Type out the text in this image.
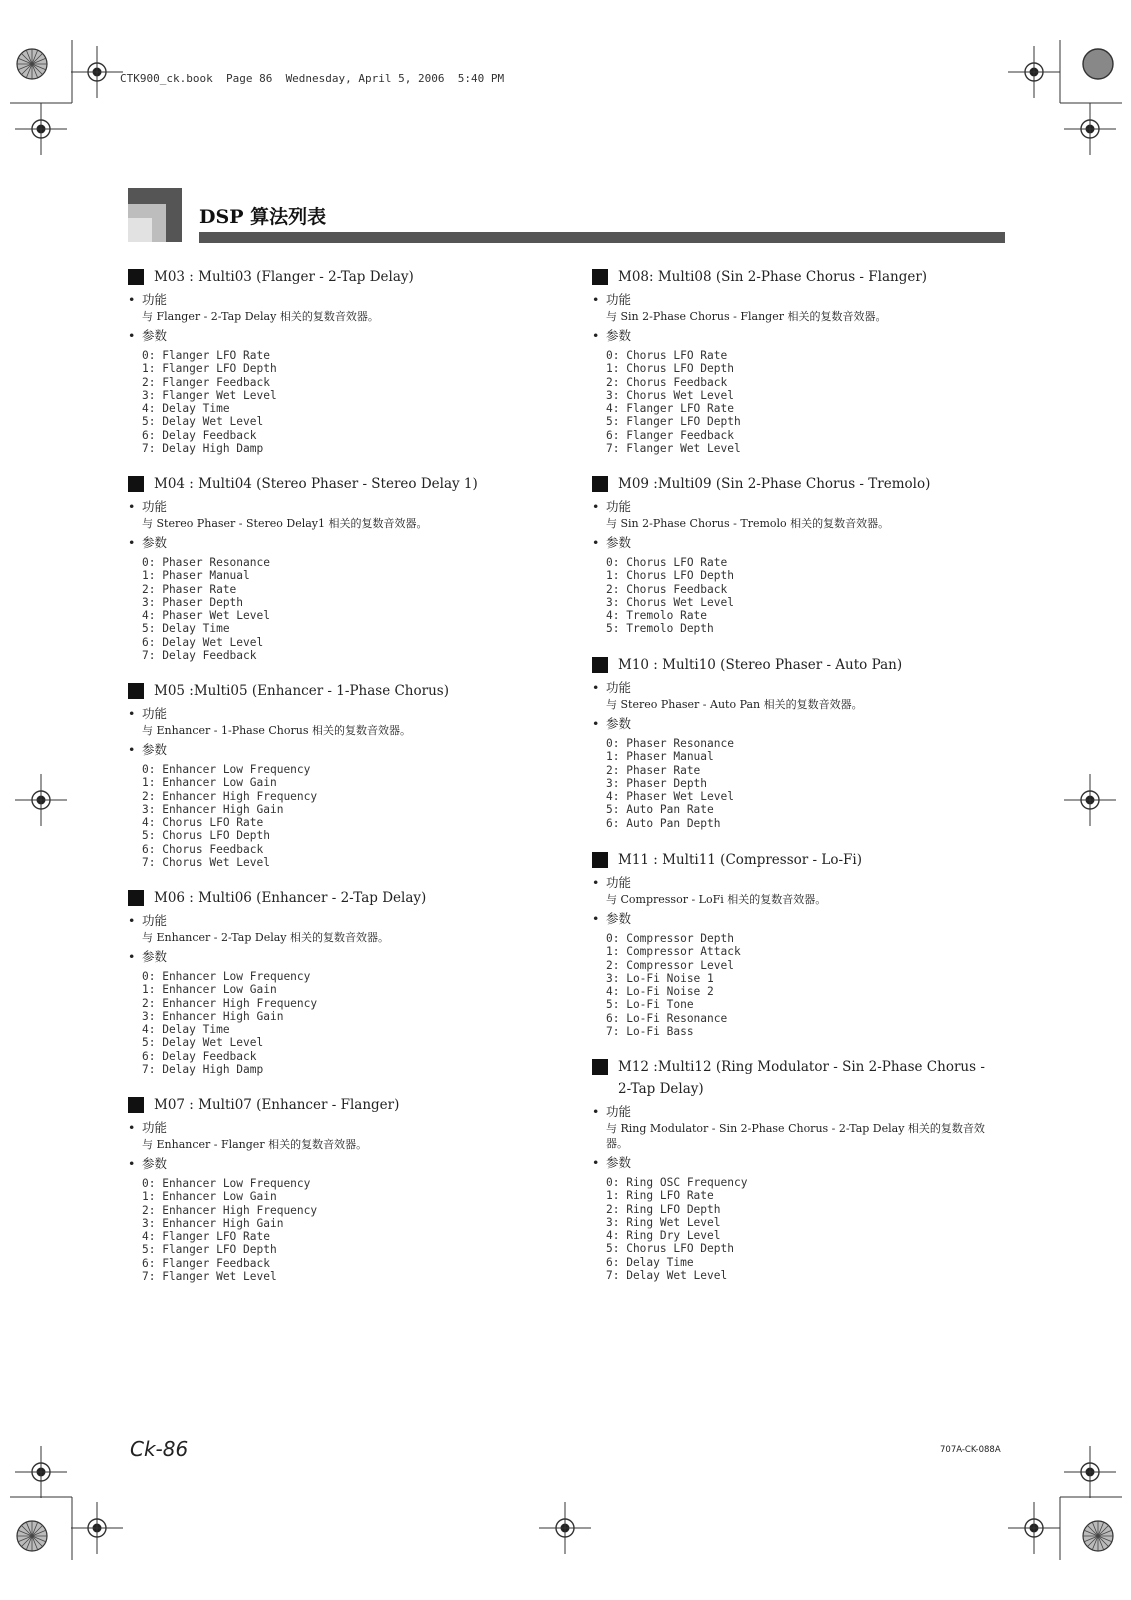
CTK900_ck.book  Page 86  Wednesday, April 5, 2006  5:40 PM
DSP 算法列表
M03 : Multi03 (Flanger - 2-Tap Delay)
• 功能
与 Flanger - 2-Tap Delay 相关的复数音效器。
• 参数
0: Flanger LFO Rate
1: Flanger LFO Depth
2: Flanger Feedback
3: Flanger Wet Level
4: Delay Time
5: Delay Wet Level
6: Delay Feedback
7: Delay High Damp
M04 : Multi04 (Stereo Phaser - Stereo Delay 1)
• 功能
与 Stereo Phaser - Stereo Delay1 相关的复数音效器。
• 参数
0: Phaser Resonance
1: Phaser Manual
2: Phaser Rate
3: Phaser Depth
4: Phaser Wet Level
5: Delay Time
6: Delay Wet Level
7: Delay Feedback
M05 :Multi05 (Enhancer - 1-Phase Chorus)
• 功能
与 Enhancer - 1-Phase Chorus 相关的复数音效器。
• 参数
0: Enhancer Low Frequency
1: Enhancer Low Gain
2: Enhancer High Frequency
3: Enhancer High Gain
4: Chorus LFO Rate
5: Chorus LFO Depth
6: Chorus Feedback
7: Chorus Wet Level
M06 : Multi06 (Enhancer - 2-Tap Delay)
• 功能
与 Enhancer - 2-Tap Delay 相关的复数音效器。
• 参数
0: Enhancer Low Frequency
1: Enhancer Low Gain
2: Enhancer High Frequency
3: Enhancer High Gain
4: Delay Time
5: Delay Wet Level
6: Delay Feedback
7: Delay High Damp
M07 : Multi07 (Enhancer - Flanger)
• 功能
与 Enhancer - Flanger 相关的复数音效器。
• 参数
0: Enhancer Low Frequency
1: Enhancer Low Gain
2: Enhancer High Frequency
3: Enhancer High Gain
4: Flanger LFO Rate
5: Flanger LFO Depth
6: Flanger Feedback
7: Flanger Wet Level
M08: Multi08 (Sin 2-Phase Chorus - Flanger)
• 功能
与 Sin 2-Phase Chorus - Flanger 相关的复数音效器。
• 参数
0: Chorus LFO Rate
1: Chorus LFO Depth
2: Chorus Feedback
3: Chorus Wet Level
4: Flanger LFO Rate
5: Flanger LFO Depth
6: Flanger Feedback
7: Flanger Wet Level
M09 :Multi09 (Sin 2-Phase Chorus - Tremolo)
• 功能
与 Sin 2-Phase Chorus - Tremolo 相关的复数音效器。
• 参数
0: Chorus LFO Rate
1: Chorus LFO Depth
2: Chorus Feedback
3: Chorus Wet Level
4: Tremolo Rate
5: Tremolo Depth
M10 : Multi10 (Stereo Phaser - Auto Pan)
• 功能
与 Stereo Phaser - Auto Pan 相关的复数音效器。
• 参数
0: Phaser Resonance
1: Phaser Manual
2: Phaser Rate
3: Phaser Depth
4: Phaser Wet Level
5: Auto Pan Rate
6: Auto Pan Depth
M11 : Multi11 (Compressor - Lo-Fi)
• 功能
与 Compressor - LoFi 相关的复数音效器。
• 参数
0: Compressor Depth
1: Compressor Attack
2: Compressor Level
3: Lo-Fi Noise 1
4: Lo-Fi Noise 2
5: Lo-Fi Tone
6: Lo-Fi Resonance
7: Lo-Fi Bass
M12 :Multi12 (Ring Modulator - Sin 2-Phase Chorus - 2-Tap Delay)
• 功能
与 Ring Modulator - Sin 2-Phase Chorus - 2-Tap Delay 相关的复数音效器。
• 参数
0: Ring OSC Frequency
1: Ring LFO Rate
2: Ring LFO Depth
3: Ring Wet Level
4: Ring Dry Level
5: Chorus LFO Depth
6: Delay Time
7: Delay Wet Level
Ck-86	707A-CK-088A
